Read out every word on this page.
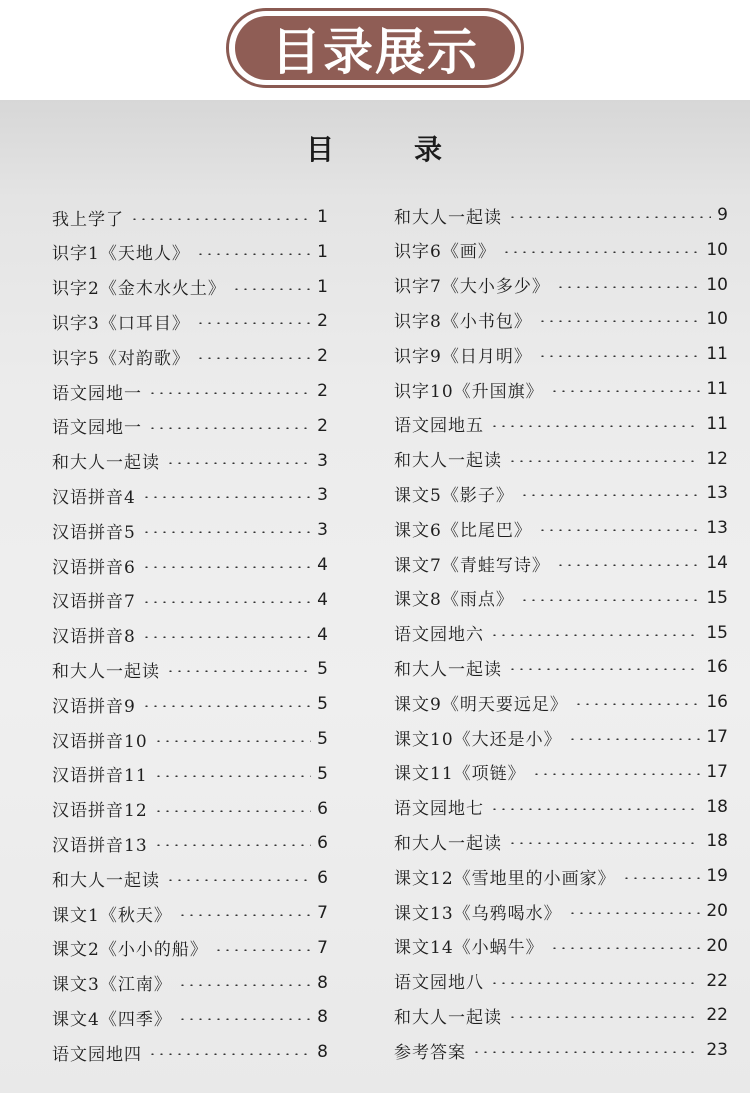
目录展示
目	录
我上学了	1
识字1《天地人》	1
识字2《金木水火土》	1
识字3《口耳目》	2
识字5《对韵歌》	2
语文园地一	2
语文园地一	2
和大人一起读	3
汉语拼音4	3
汉语拼音5	3
汉语拼音6	4
汉语拼音7	4
汉语拼音8	4
和大人一起读	5
汉语拼音9	5
汉语拼音10	5
汉语拼音11	5
汉语拼音12	6
汉语拼音13	6
和大人一起读	6
课文1《秋天》	7
课文2《小小的船》	7
课文3《江南》	8
课文4《四季》	8
语文园地四	8
和大人一起读	9
识字6《画》	10
识字7《大小多少》	10
识字8《小书包》	10
识字9《日月明》	11
识字10《升国旗》	11
语文园地五	11
和大人一起读	12
课文5《影子》	13
课文6《比尾巴》	13
课文7《青蛙写诗》	14
课文8《雨点》	15
语文园地六	15
和大人一起读	16
课文9《明天要远足》	16
课文10《大还是小》	17
课文11《项链》	17
语文园地七	18
和大人一起读	18
课文12《雪地里的小画家》	19
课文13《乌鸦喝水》	20
课文14《小蜗牛》	20
语文园地八	22
和大人一起读	22
参考答案	23
